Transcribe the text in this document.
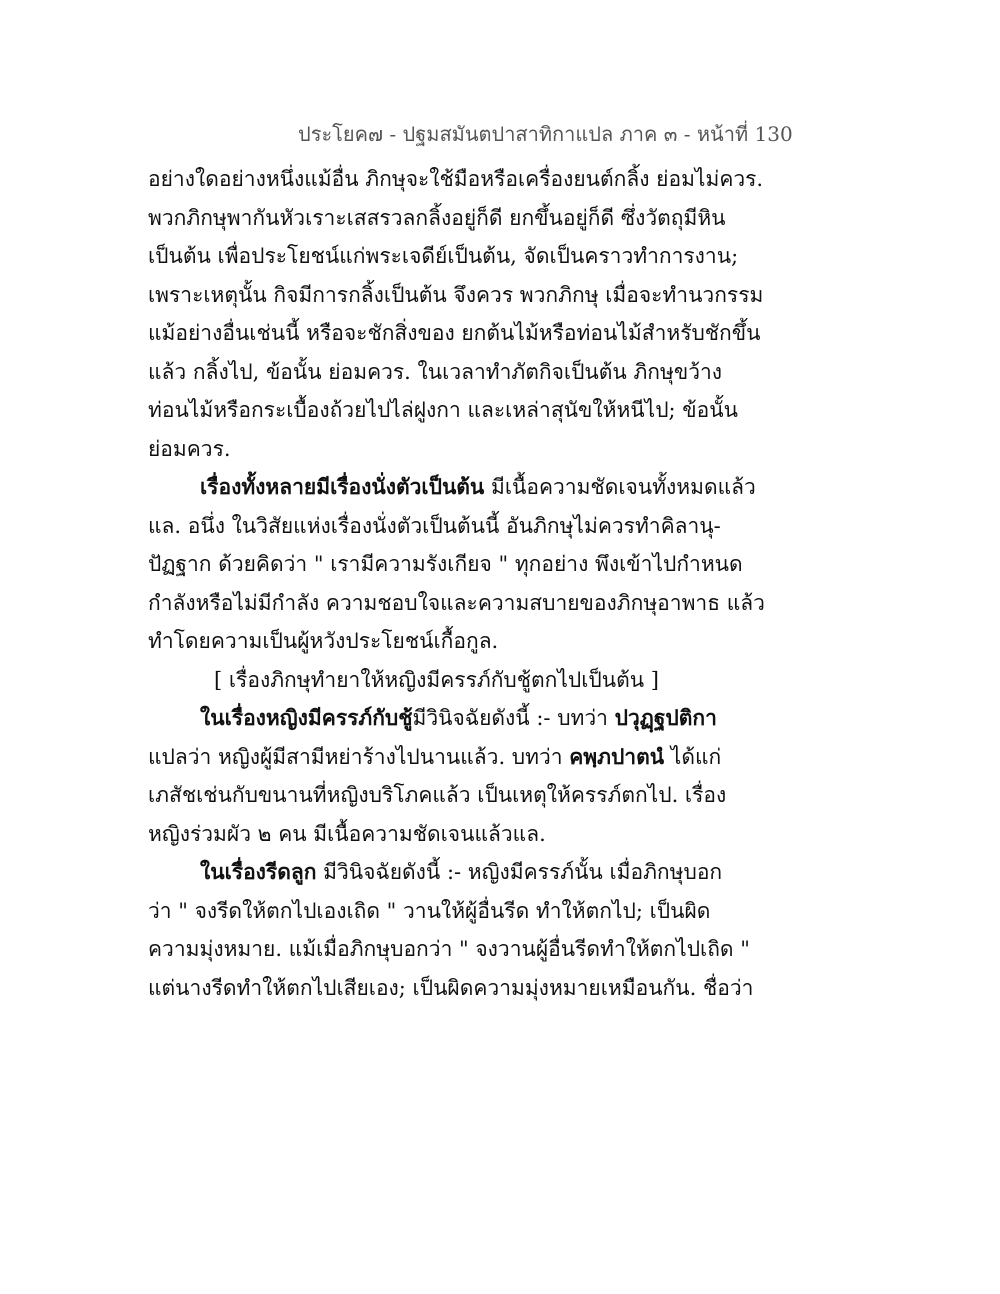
ประโยค๗ - ปฐมสมันตปาสาทิกาแปล ภาค ๓ - หน้าที่ 130
อย่างใดอย่างหนึ่งแม้อื่น ภิกษุจะใช้มือหรือเครื่องยนต์กลิ้ง ย่อมไม่ควร.
พวกภิกษุพากันหัวเราะเสสรวลกลิ้งอยู่ก็ดี ยกขึ้นอยู่ก็ดี ซึ่งวัตถุมีหิน
เป็นต้น เพื่อประโยชน์แก่พระเจดีย์เป็นต้น, จัดเป็นคราวทำการงาน;
เพราะเหตุนั้น กิจมีการกลิ้งเป็นต้น จึงควร พวกภิกษุ เมื่อจะทำนวกรรม
แม้อย่างอื่นเช่นนี้ หรือจะชักสิ่งของ ยกต้นไม้หรือท่อนไม้สำหรับชักขึ้น
แล้ว กลิ้งไป, ข้อนั้น ย่อมควร. ในเวลาทำภัตกิจเป็นต้น ภิกษุขว้าง
ท่อนไม้หรือกระเบื้องถ้วยไปไล่ฝูงกา และเหล่าสุนัขให้หนีไป; ข้อนั้น
ย่อมควร.
เรื่องทั้งหลายมีเรื่องนั่งตัวเป็นต้น มีเนื้อความชัดเจนทั้งหมดแล้ว
แล. อนึ่ง ในวิสัยแห่งเรื่องนั่งตัวเป็นต้นนี้ อันภิกษุไม่ควรทำคิลานุ-
ปัฏฐาก ด้วยคิดว่า " เรามีความรังเกียจ " ทุกอย่าง พึงเข้าไปกำหนด
กำลังหรือไม่มีกำลัง ความชอบใจและความสบายของภิกษุอาพาธ แล้ว
ทำโดยความเป็นผู้หวังประโยชน์เกื้อกูล.
[ เรื่องภิกษุทำยาให้หญิงมีครรภ์กับชู้ตกไปเป็นต้น ]
ในเรื่องหญิงมีครรภ์กับชู้มีวินิจฉัยดังนี้ :- บทว่า ปวุฏฺฐปติกา
แปลว่า หญิงผู้มีสามีหย่าร้างไปนานแล้ว. บทว่า คพฺภปาตนํ ได้แก่
เภสัชเช่นกับขนานที่หญิงบริโภคแล้ว เป็นเหตุให้ครรภ์ตกไป. เรื่อง
หญิงร่วมผัว ๒ คน มีเนื้อความชัดเจนแล้วแล.
ในเรื่องรีดลูก มีวินิจฉัยดังนี้ :- หญิงมีครรภ์นั้น เมื่อภิกษุบอก
ว่า " จงรีดให้ตกไปเองเถิด " วานให้ผู้อื่นรีด ทำให้ตกไป; เป็นผิด
ความมุ่งหมาย. แม้เมื่อภิกษุบอกว่า " จงวานผู้อื่นรีดทำให้ตกไปเถิด "
แต่นางรีดทำให้ตกไปเสียเอง; เป็นผิดความมุ่งหมายเหมือนกัน. ชื่อว่า
